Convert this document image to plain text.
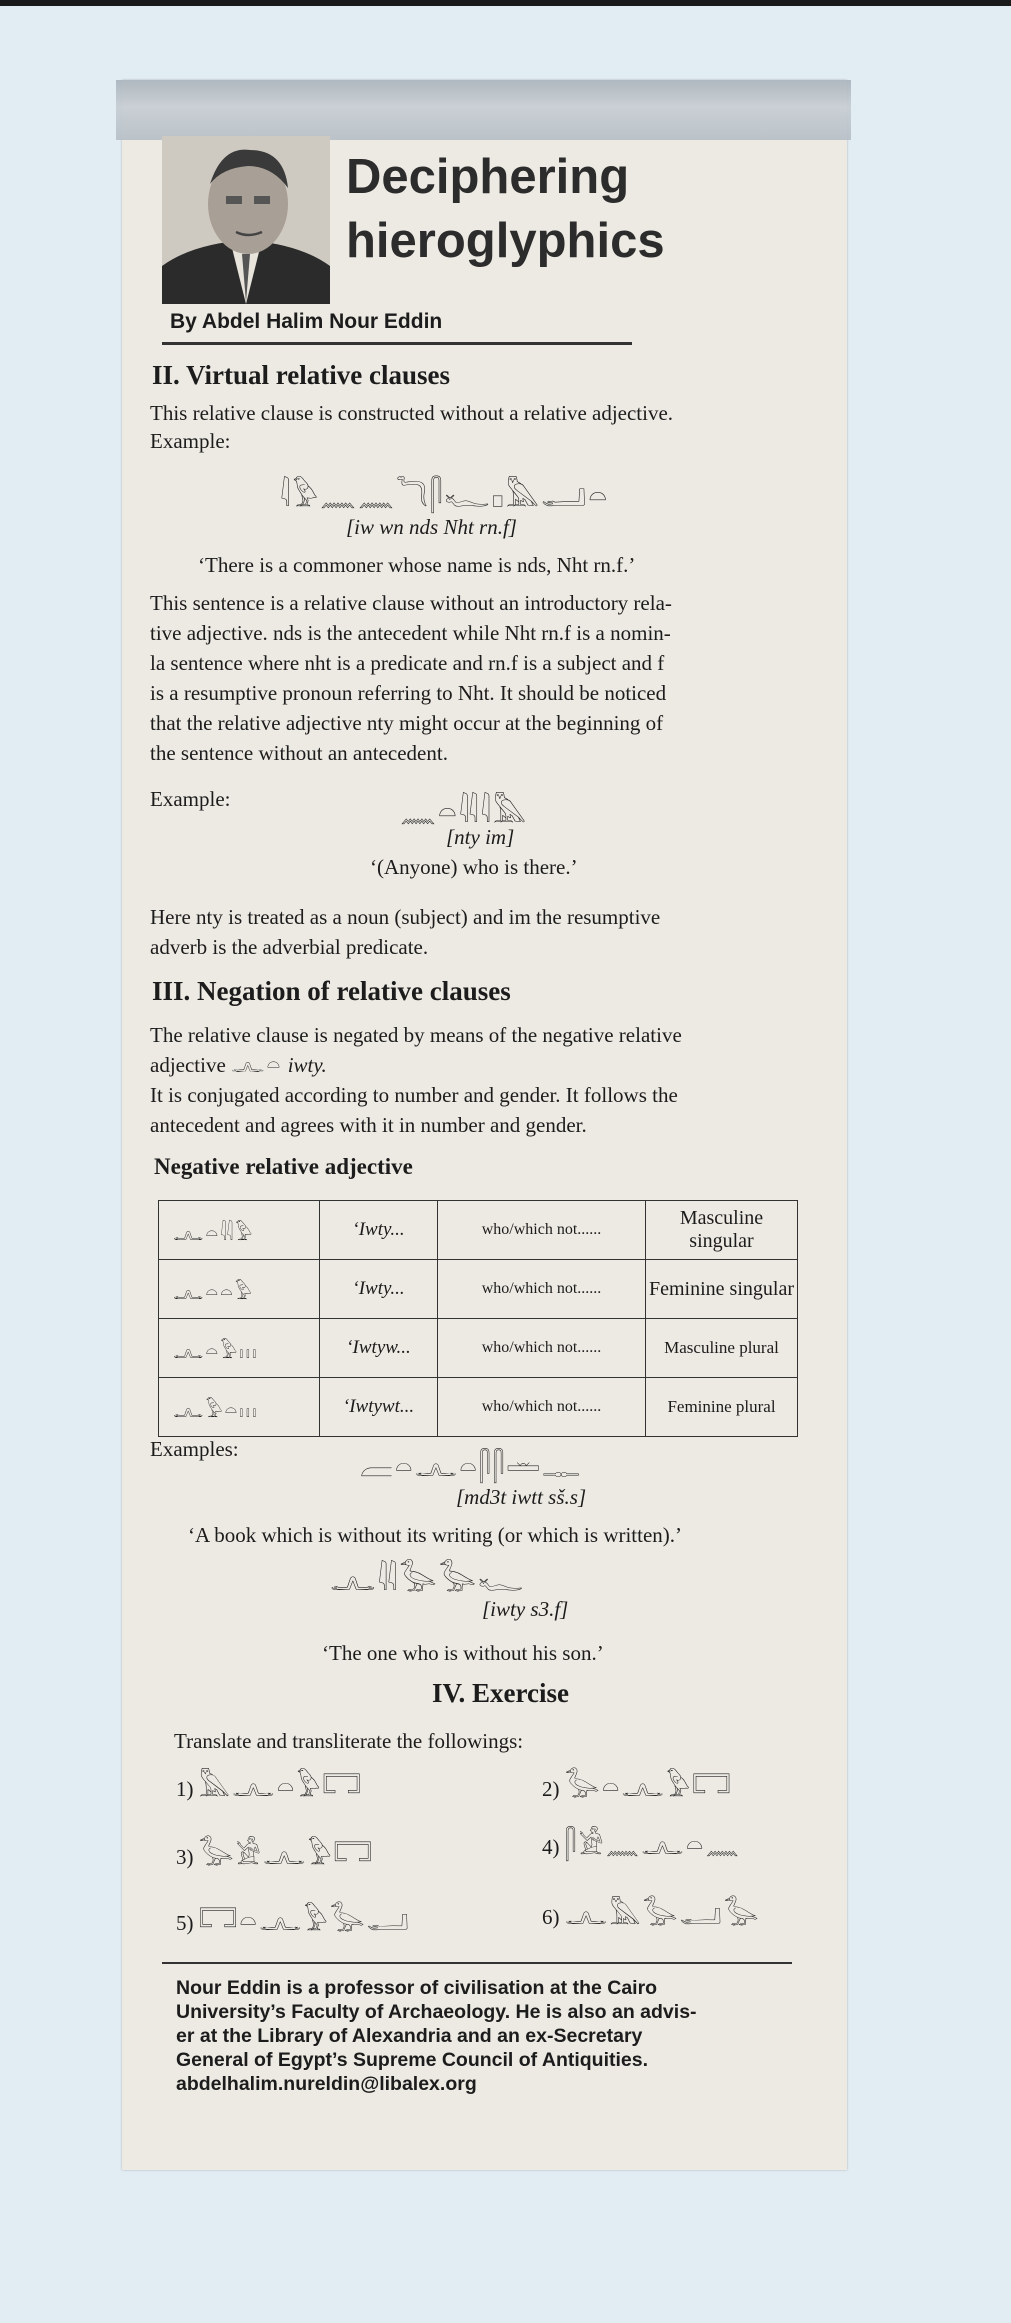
Deciphering
hieroglyphics
By Abdel Halim Nour Eddin
II. Virtual relative clauses
This relative clause is constructed without a relative adjective.
Example:
𓇋𓅱𓈖𓈖𓆓𓋴𓆑𓊪𓅓𓂝𓏏
[iw wn nds Nht rn.f]
‘There is a commoner whose name is nds, Nht rn.f.’
This sentence is a relative clause without an introductory rela-
tive adjective. nds is the antecedent while Nht rn.f is a nomin-
la sentence where nht is a predicate and rn.f is a subject and f
is a resumptive pronoun referring to Nht. It should be noticed
that the relative adjective nty might occur at the beginning of
the sentence without an antecedent.
Example:	𓈖𓏏𓇌𓇋𓅓
[nty im]
‘(Anyone) who is there.’
Here nty is treated as a noun (subject) and im the resumptive
adverb is the adverbial predicate.
III. Negation of relative clauses
The relative clause is negated by means of the negative relative
adjective 𓂜𓏏 iwty.
It is conjugated according to number and gender. It follows the
antecedent and agrees with it in number and gender.
Negative relative adjective
𓂜𓏏𓇌𓅱	‘Iwty...	who/which not......	Masculine singular
𓂜𓏏𓏏𓅱	‘Iwty...	who/which not......	Feminine singular
𓂜𓏏𓅱𓏥	‘Iwtyw...	who/which not......	Masculine plural
𓂜𓅱𓏏𓏥	‘Iwtywt...	who/which not......	Feminine plural
Examples:
𓐝𓏏𓂜𓏏𓋴𓋴𓏛𓊃
[md3t iwtt sš.s]
‘A book which is without its writing (or which is written).’
𓂜𓇌𓅭𓅭𓆑
[iwty s3.f]
‘The one who is without his son.’
IV. Exercise
Translate and transliterate the followings:
1) 𓅓𓂜𓏏𓅱𓉐	2) 𓅭𓏏𓂜𓅱𓉐
3) 𓅭𓀀𓂜𓅱𓉐	4) 𓋴𓀀𓈖𓂜𓏏𓈖
5) 𓉐𓏏𓂜𓅱𓅭𓂝	6) 𓂜𓅓𓅭𓂝𓅭
Nour Eddin is a professor of civilisation at the Cairo
University’s Faculty of Archaeology. He is also an advis-
er at the Library of Alexandria and an ex-Secretary
General of Egypt’s Supreme Council of Antiquities.
abdelhalim.nureldin@libalex.org
